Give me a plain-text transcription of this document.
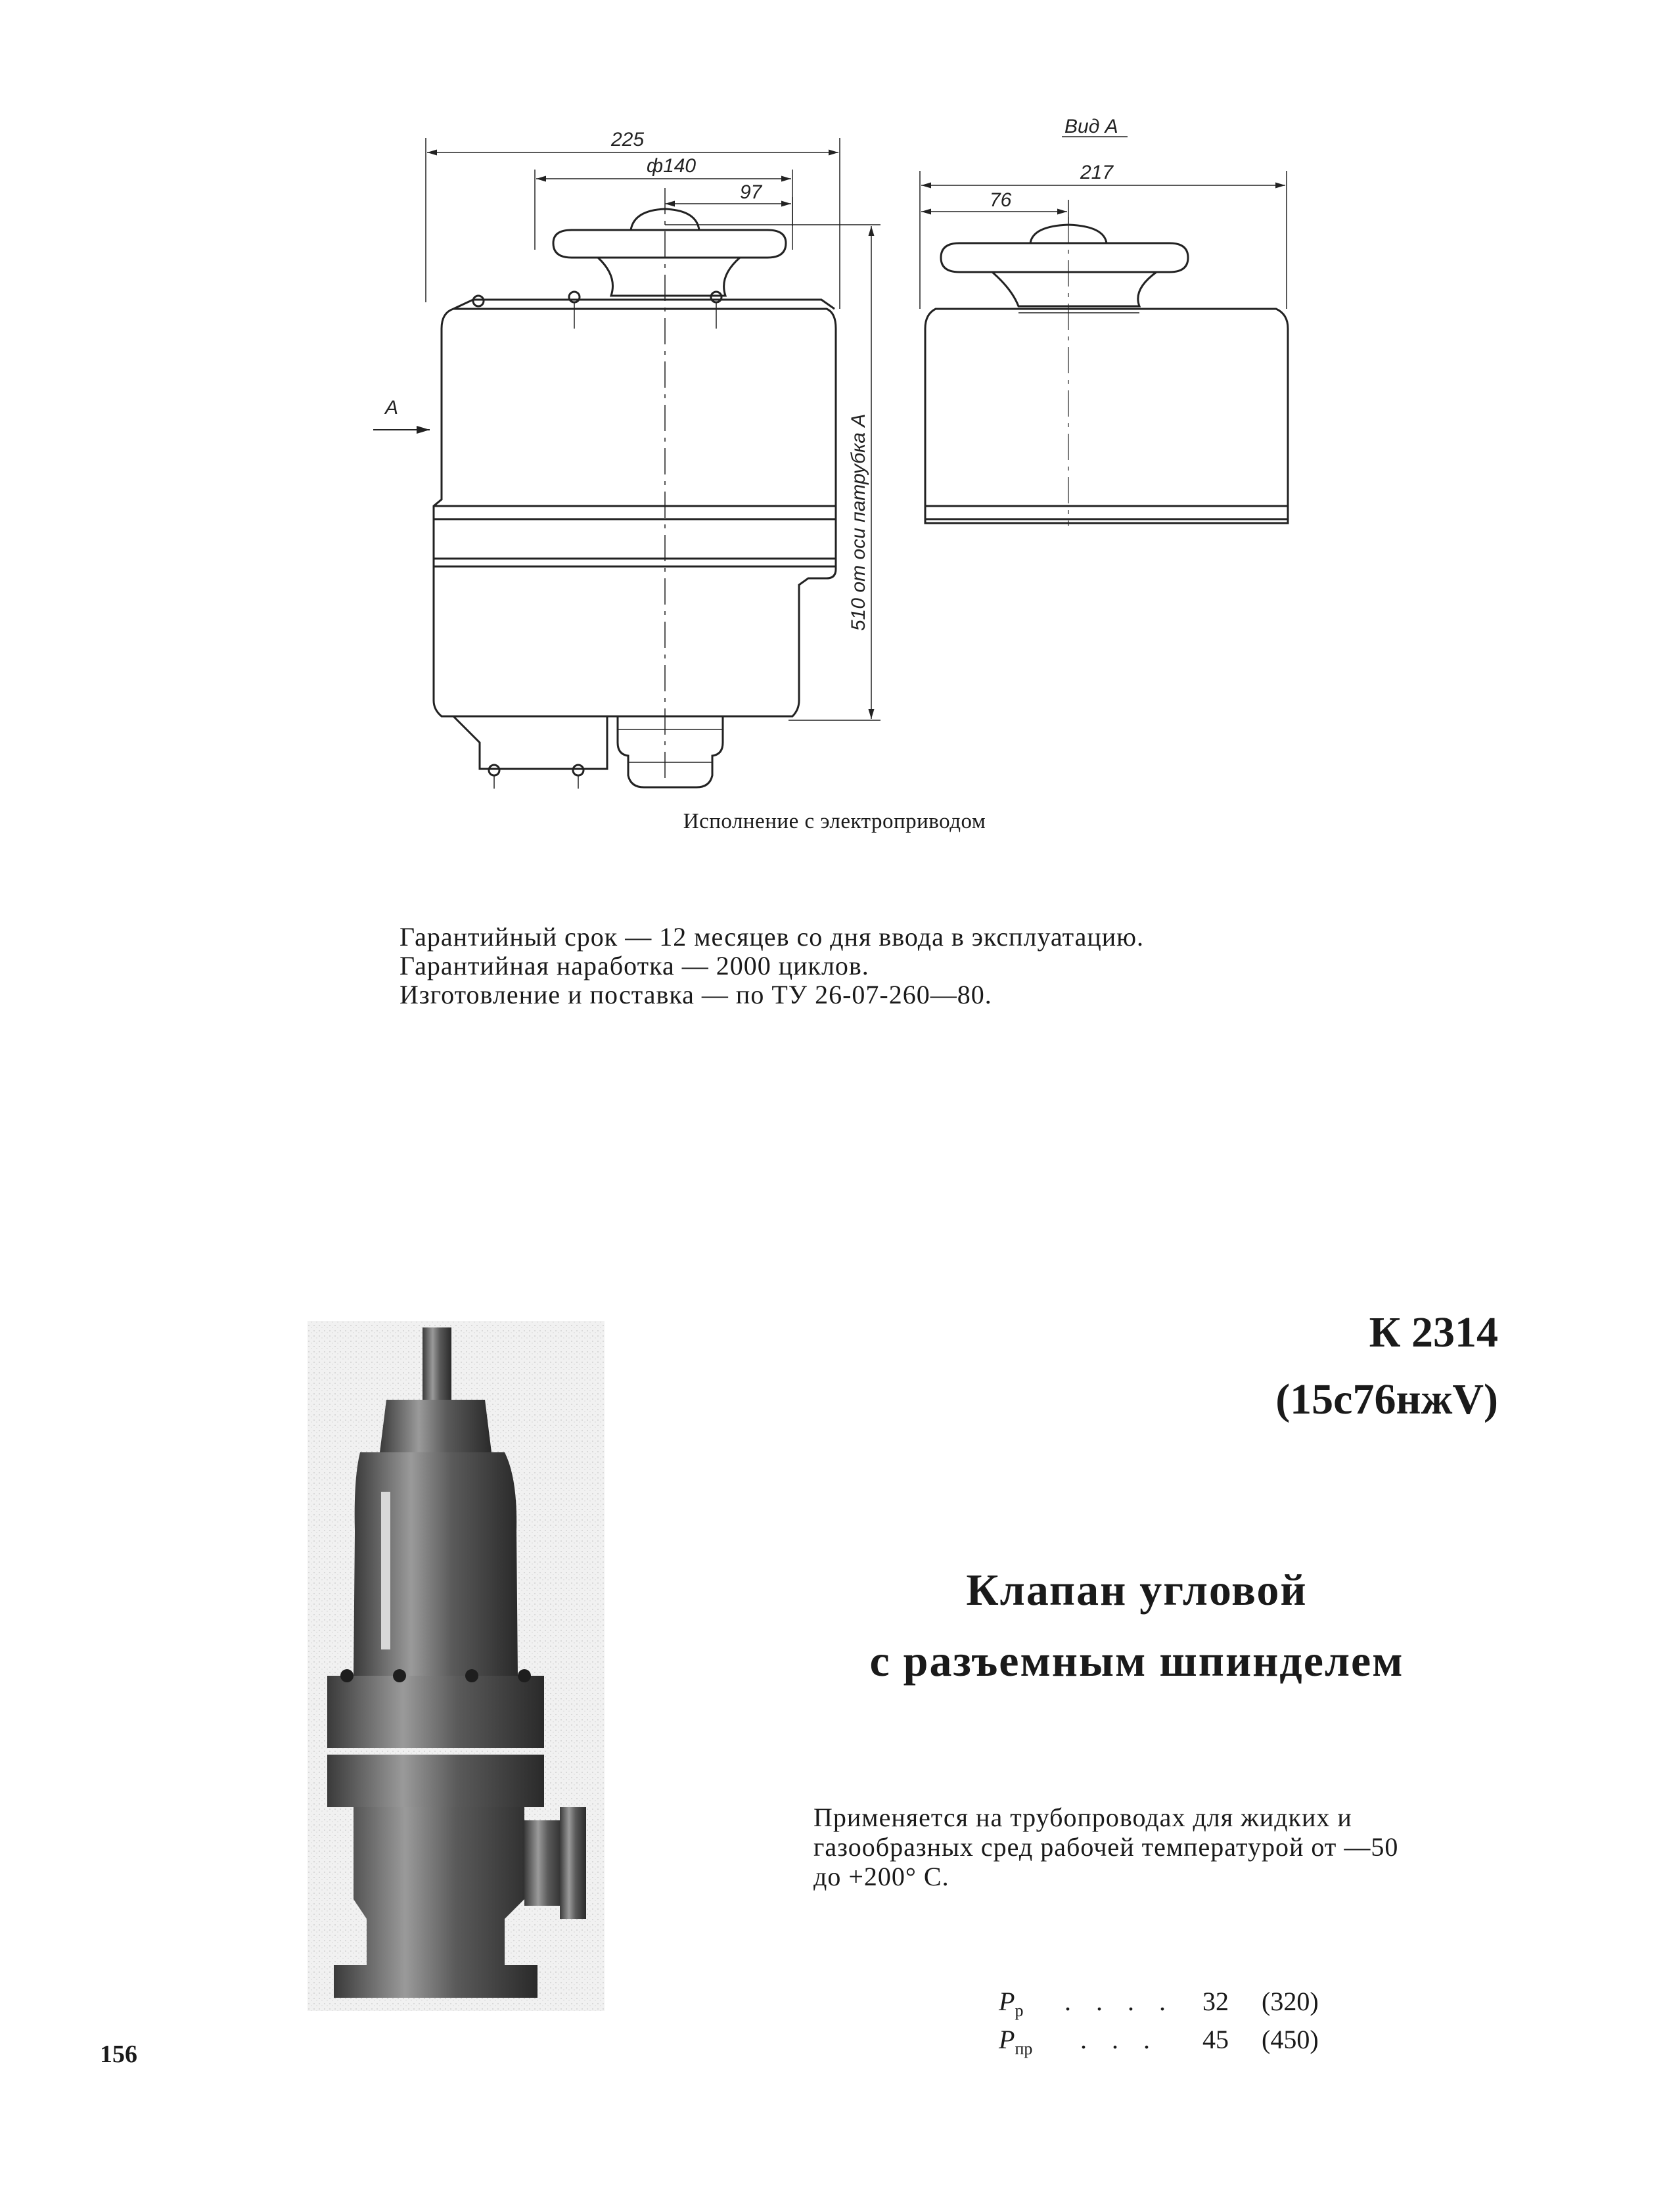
225
ф140
97
Вид А
217
76
А
510 от оси патрубка А
Исполнение с электроприводом
Гарантийный срок — 12 месяцев со дня ввода в эксплуатацию.
Гарантийная наработка — 2000 циклов.
Изготовление и поставка — по ТУ 26-07-260—80.
К 2314
(15с76нжV)
Клапан угловой
с разъемным шпинделем
Применяется на трубопроводах для жидких и
газообразных сред рабочей температурой от —50
до +200° С.
$P_р$	. . . .	32	(320)
$P_{пр}$	. . .	45	(450)
156
